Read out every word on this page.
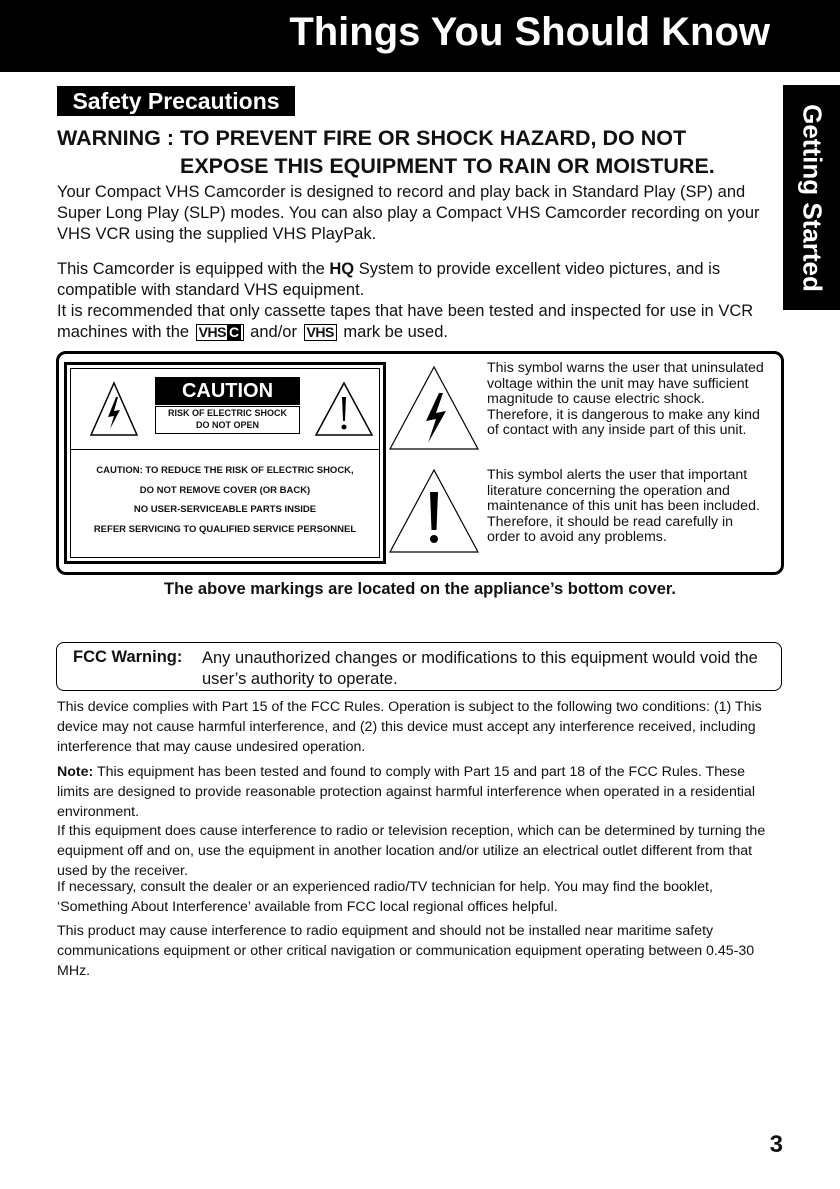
Things You Should Know
Getting Started
Safety Precautions
WARNING : TO PREVENT FIRE OR SHOCK HAZARD, DO NOT
EXPOSE THIS EQUIPMENT TO RAIN OR MOISTURE.
Your Compact VHS Camcorder is designed to record and play back in Standard Play (SP) and Super Long Play (SLP) modes. You can also play a Compact VHS Camcorder recording on your VHS VCR using the supplied VHS PlayPak.
This Camcorder is equipped with the HQ System to provide excellent video pictures, and is compatible with standard VHS equipment.
It is recommended that only cassette tapes that have been tested and inspected for use in VCR machines with the VHS C and/or VHS mark be used.
CAUTION
RISK OF ELECTRIC SHOCK
DO NOT OPEN
CAUTION: TO REDUCE THE RISK OF ELECTRIC SHOCK,
DO NOT REMOVE COVER (OR BACK)
NO USER-SERVICEABLE PARTS INSIDE
REFER SERVICING TO QUALIFIED SERVICE PERSONNEL
This symbol warns the user that uninsulated voltage within the unit may have sufficient magnitude to cause electric shock. Therefore, it is dangerous to make any kind of contact with any inside part of this unit.
This symbol alerts the user that important literature concerning the operation and maintenance of this unit has been included. Therefore, it should be read carefully in order to avoid any problems.
The above markings are located on the appliance’s bottom cover.
FCC Warning: Any unauthorized changes or modifications to this equipment would void the user’s authority to operate.
This device complies with Part 15 of the FCC Rules. Operation is subject to the following two conditions: (1) This device may not cause harmful interference, and (2) this device must accept any interference received, including interference that may cause undesired operation.
Note: This equipment has been tested and found to comply with Part 15 and part 18 of the FCC Rules. These limits are designed to provide reasonable protection against harmful interference when operated in a residential environment.
If this equipment does cause interference to radio or television reception, which can be determined by turning the equipment off and on, use the equipment in another location and/or utilize an electrical outlet different from that used by the receiver.
If necessary, consult the dealer or an experienced radio/TV technician for help. You may find the booklet, ‘Something About Interference’ available from FCC local regional offices helpful.
This product may cause interference to radio equipment and should not be installed near maritime safety communications equipment or other critical navigation or communication equipment operating between 0.45-30 MHz.
3
